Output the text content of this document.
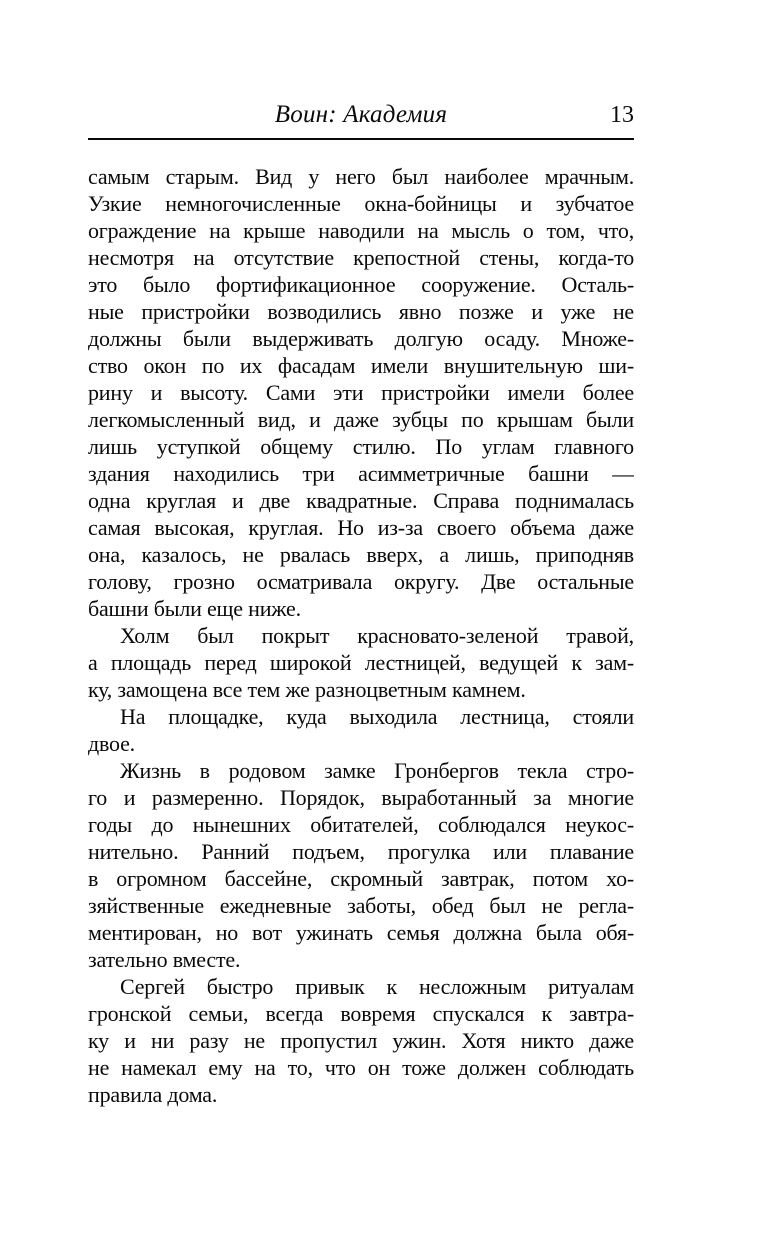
Воин: Академия	13
самым старым. Вид у него был наиболее мрачным.
Узкие немногочисленные окна-бойницы и зубчатое
ограждение на крыше наводили на мысль о том, что,
несмотря на отсутствие крепостной стены, когда-то
это было фортификационное сооружение. Осталь-
ные пристройки возводились явно позже и уже не
должны были выдерживать долгую осаду. Множе-
ство окон по их фасадам имели внушительную ши-
рину и высоту. Сами эти пристройки имели более
легкомысленный вид, и даже зубцы по крышам были
лишь уступкой общему стилю. По углам главного
здания находились три асимметричные башни —
одна круглая и две квадратные. Справа поднималась
самая высокая, круглая. Но из-за своего объема даже
она, казалось, не рвалась вверх, а лишь, приподняв
голову, грозно осматривала округу. Две остальные
башни были еще ниже.
Холм был покрыт красновато-зеленой травой,
а площадь перед широкой лестницей, ведущей к зам-
ку, замощена все тем же разноцветным камнем.
На площадке, куда выходила лестница, стояли
двое.
Жизнь в родовом замке Гронбергов текла стро-
го и размеренно. Порядок, выработанный за многие
годы до нынешних обитателей, соблюдался неукос-
нительно. Ранний подъем, прогулка или плавание
в огромном бассейне, скромный завтрак, потом хо-
зяйственные ежедневные заботы, обед был не регла-
ментирован, но вот ужинать семья должна была обя-
зательно вместе.
Сергей быстро привык к несложным ритуалам
гронской семьи, всегда вовремя спускался к завтра-
ку и ни разу не пропустил ужин. Хотя никто даже
не намекал ему на то, что он тоже должен соблюдать
правила дома.
